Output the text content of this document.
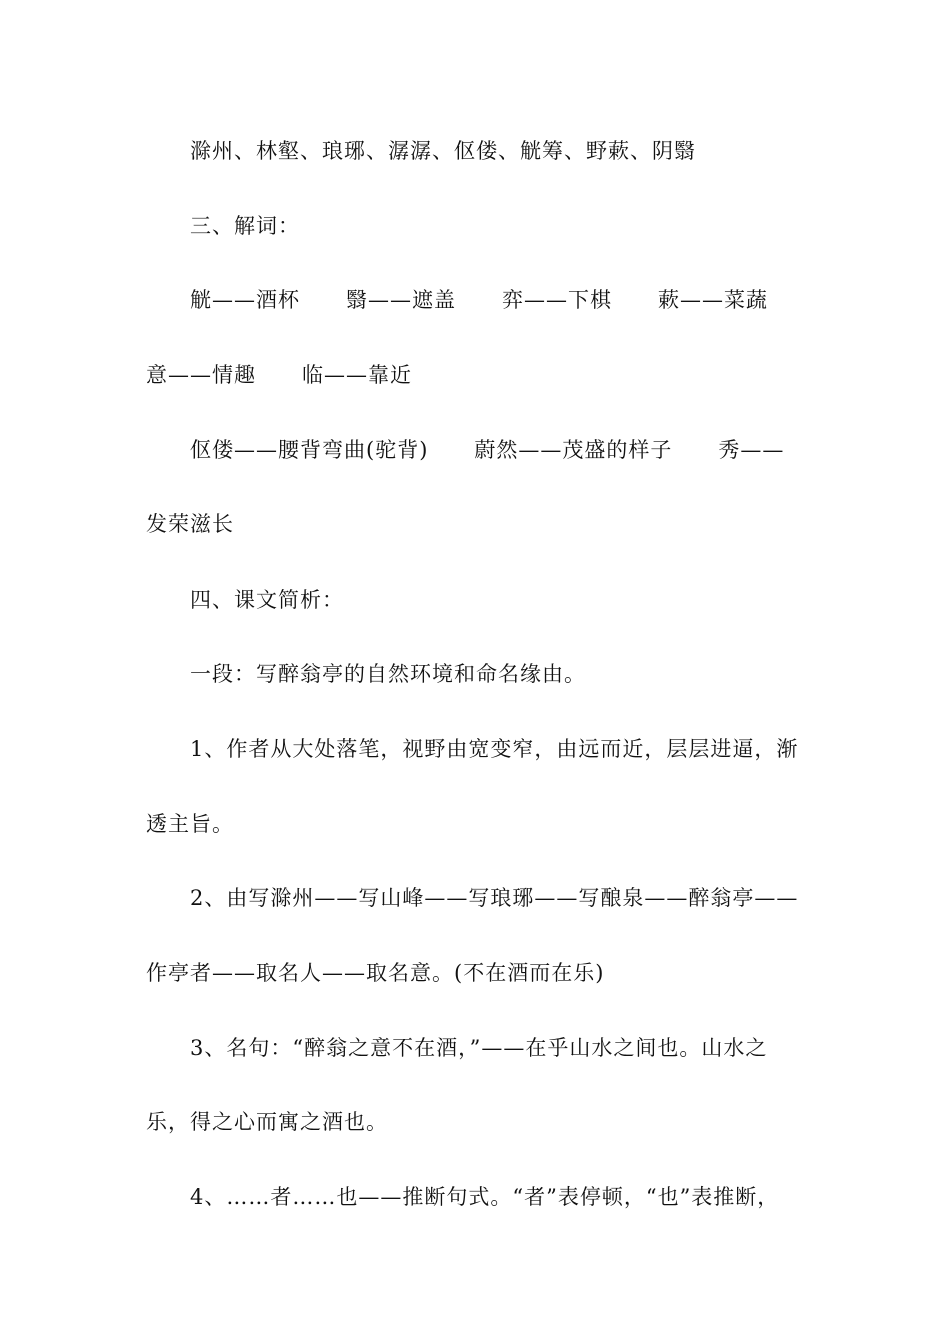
滁州、林壑、琅琊、潺潺、伛偻、觥筹、野蔌、阴翳
三、解词：
觥——酒杯 翳——遮盖 弈——下棋 蔌——菜蔬
意——情趣 临——靠近
伛偻——腰背弯曲(驼背) 蔚然——茂盛的样子 秀——
发荣滋长
四、课文简析：
一段：写醉翁亭的自然环境和命名缘由。
1、作者从大处落笔，视野由宽变窄，由远而近，层层进逼，渐
透主旨。
2、由写滁州——写山峰——写琅琊——写酿泉——醉翁亭——
作亭者——取名人——取名意。(不在酒而在乐)
3、名句：“醉翁之意不在酒，”——在乎山水之间也。山水之
乐，得之心而寓之酒也。
4、……者……也——推断句式。“者”表停顿，“也”表推断，
